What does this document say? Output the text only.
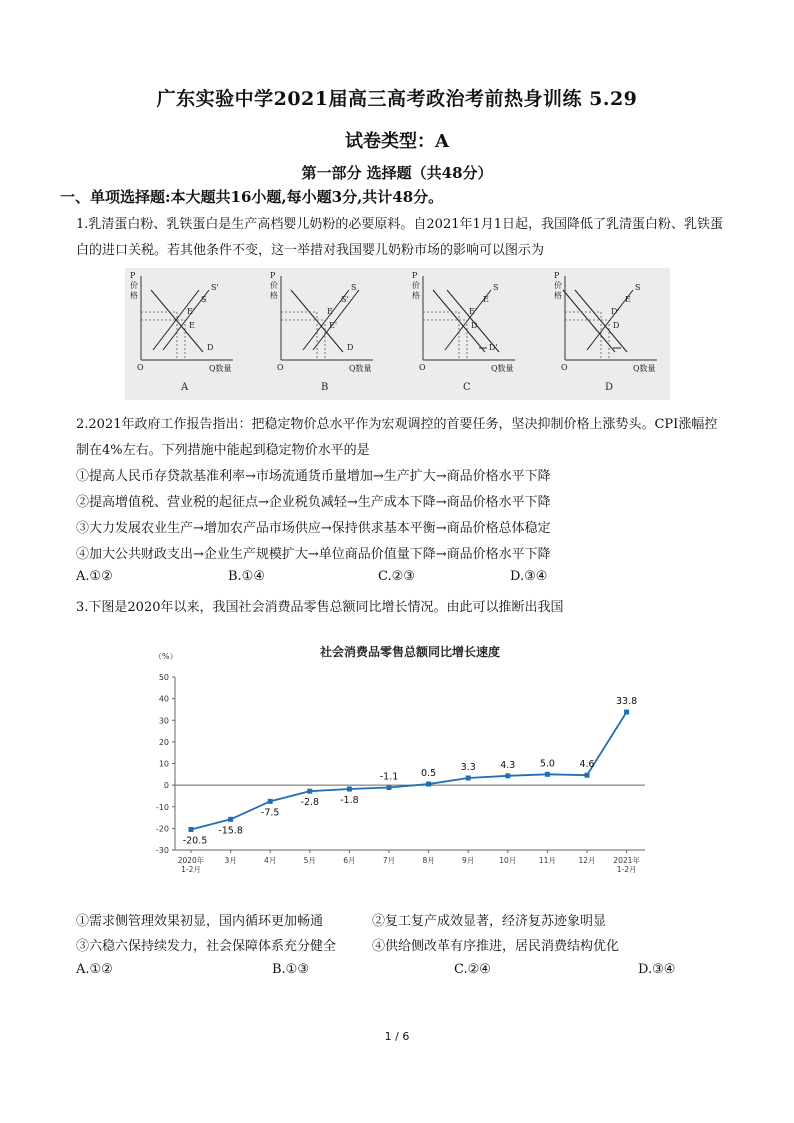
广东实验中学2021届高三高考政治考前热身训练 5.29
试卷类型：A
第一部分 选择题（共48分）
一、单项选择题:本大题共16小题,每小题3分,共计48分。
1.乳清蛋白粉、乳铁蛋白是生产高档婴儿奶粉的必要原料。自2021年1月1日起，我国降低了乳清蛋白粉、乳铁蛋白的进口关税。若其他条件不变，这一举措对我国婴儿奶粉市场的影响可以图示为
O
P
价
格
Q数量
S'
S
E'
E
D
A
O
P
价
格
Q数量
S
S'
E
E'
D
B
O
P
价
格
Q数量
S
E
E'
D
D'
C
O
P
价
格
Q数量
S
E
D'
D
D
2.2021年政府工作报告指出：把稳定物价总水平作为宏观调控的首要任务，坚决抑制价格上涨势头。CPI涨幅控制在4%左右。下列措施中能起到稳定物价水平的是
①提高人民币存贷款基准利率→市场流通货币量增加→生产扩大→商品价格水平下降
②提高增值税、营业税的起征点→企业税负减轻→生产成本下降→商品价格水平下降
③大力发展农业生产→增加农产品市场供应→保持供求基本平衡→商品价格总体稳定
④加大公共财政支出→企业生产规模扩大→单位商品价值量下降→商品价格水平下降
A.①②	B.①④	C.②③	D.③④
3.下图是2020年以来，我国社会消费品零售总额同比增长情况。由此可以推断出我国
社会消费品零售总额同比增长速度
（%）
-30
-20
-10
0
10
20
30
40
50
2020年
1-2月
3月	4月	5月	6月	7月	8月	9月	10月	11月	12月 2021年
1-2月
-20.5
-15.8
-7.5
-2.8 -1.8
-1.1 0.5
3.3	4.3	5.0	4.6
33.8
①需求侧管理效果初显，国内循环更加畅通	②复工复产成效显著，经济复苏迹象明显
③六稳六保持续发力，社会保障体系充分健全	④供给侧改革有序推进，居民消费结构优化
A.①②	B.①③	C.②④	D.③④
1 / 6
